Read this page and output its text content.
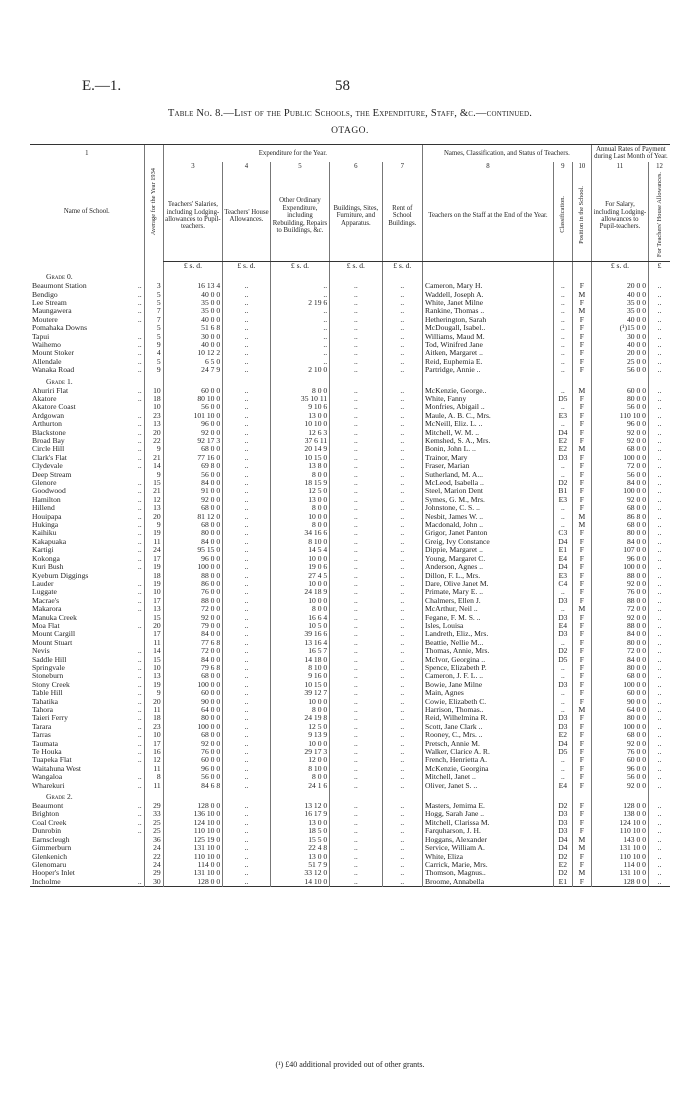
E.—1.	58
Table No. 8.—List of the Public Schools, the Expenditure, Staff, &c.—continued.
OTAGO.
1	Average for the Year 1934	Expenditure for the Year.					Names, Classification, and Status of Teachers.			Annual Rates of Payment during Last Month of Year.	
Name of School.		3	4	5	6	7	8	9	10	11	12
		Teachers' Salaries, including Lodging-allowances to Pupil-teachers.	Teachers' House Allowances.	Other Ordinary Expenditure, including Rebuilding, Repairs to Buildings, &c.	Buildings, Sites, Furniture, and Apparatus.	Rent of School Buildings.	Teachers on the Staff at the End of the Year.	Classification.	Position in the School.	For Salary, including Lodging-allowances to Pupil-teachers.	For Teachers' House Allowances.
		£ s. d.	£ s. d.	£ s. d.	£ s. d.	£ s. d.				£ s. d.	£
Grade 0.											
Beaumont Station ..	3	16 13 4	..	..	..	..	Cameron, Mary H.	..	F	20 0 0	..
Bendigo ..	5	40 0 0	..	..	..	..	Waddell, Joseph A.	..	M	40 0 0	..
Lee Stream ..	5	35 0 0	..	2 19 6	..	..	White, Janet Milne	..	F	35 0 0	..
Maungawera ..	7	35 0 0	..	..	..	..	Rankine, Thomas ..	..	M	35 0 0	..
Moutere ..	7	40 0 0	..	..	..	..	Hetherington, Sarah	..	F	40 0 0	..
Pomahaka Downs	5	51 6 8	..	..	..	..	McDougall, Isabel..	..	F	(¹)15 0 0	..
Tapui ..	5	30 0 0	..	..	..	..	Williams, Maud M.	..	F	30 0 0	..
Waihemo ..	9	40 0 0	..	..	..	..	Tod, Winifred Jane	..	F	40 0 0	..
Mount Stoker ..	4	10 12 2	..	..	..	..	Aitken, Margaret ..	..	F	20 0 0	..
Allendale ..	5	6 5 0	..	..	..	..	Reid, Euphemia E.	..	F	25 0 0	..
Wanaka Road ..	9	24 7 9	..	2 10 0	..	..	Partridge, Annie ..	..	F	56 0 0	..
Grade 1.											
Ahuriri Flat ..	10	60 0 0	..	8 0 0	..	..	McKenzie, George..	..	M	60 0 0	..
Akatore ..	18	80 10 0	..	35 10 11	..	..	White, Fanny	D5	F	80 0 0	..
Akatore Coast	10	56 0 0	..	9 10 6	..	..	Monfries, Abigail ..	..	F	56 0 0	..
Ardgowan ..	23	101 10 0	..	13 0 0	..	..	Maule, A. B. C., Mrs.	E3	F	110 10 0	..
Arthurton ..	13	96 0 0	..	10 10 0	..	..	McNeill, Eliz. L. ..	..	F	96 0 0	..
Blackstone ..	20	92 0 0	..	12 6 3	..	..	Mitchell, W. M. ..	D4	F	92 0 0	..
Broad Bay ..	22	92 17 3	..	37 6 11	..	..	Kemshed, S. A., Mrs.	E2	F	92 0 0	..
Circle Hill ..	9	68 0 0	..	20 14 9	..	..	Bonin, John L. ..	E2	M	68 0 0	..
Clark's Flat ..	21	77 16 0	..	10 15 0	..	..	Trainor, Mary	D3	F	100 0 0	..
Clydevale ..	14	69 8 0	..	13 8 0	..	..	Fraser, Marian	..	F	72 0 0	..
Deep Stream	9	56 0 0	..	8 0 0	..	..	Sutherland, M. A...	..	F	56 0 0	..
Glenore ..	15	84 0 0	..	18 15 9	..	..	McLeod, Isabella ..	D2	F	84 0 0	..
Goodwood ..	21	91 0 0	..	12 5 0	..	..	Steel, Marion Dent	B1	F	100 0 0	..
Hamilton ..	12	92 0 0	..	13 0 0	..	..	Symes, G. M., Mrs.	E3	F	92 0 0	..
Hillend ..	13	68 0 0	..	8 0 0	..	..	Johnstone, C. S. ..	..	F	68 0 0	..
Houipapa ..	20	81 12 0	..	10 0 0	..	..	Nesbit, James W. ..	..	M	86 8 0	..
Hukinga ..	9	68 0 0	..	8 0 0	..	..	Macdonald, John ..	..	M	68 0 0	..
Kaihiku ..	19	80 0 0	..	34 16 6	..	..	Grigor, Janet Panton	C3	F	80 0 0	..
Kakapuaka ..	11	84 0 0	..	8 10 0	..	..	Greig, Ivy Constance	D4	F	84 0 0	..
Kartigi ..	24	95 15 0	..	14 5 4	..	..	Dippie, Margaret ..	E1	F	107 0 0	..
Kokonga ..	17	96 0 0	..	10 0 0	..	..	Young, Margaret C.	E4	F	96 0 0	..
Kuri Bush ..	19	100 0 0	..	19 0 6	..	..	Anderson, Agnes ..	D4	F	100 0 0	..
Kyeburn Diggings	18	88 0 0	..	27 4 5	..	..	Dillon, F. L., Mrs.	E3	F	88 0 0	..
Lauder ..	19	86 0 0	..	10 0 0	..	..	Dare, Olive Janet M.	C4	F	92 0 0	..
Luggate ..	10	76 0 0	..	24 18 9	..	..	Primate, Mary E. ..	..	F	76 0 0	..
Macrae's ..	17	88 0 0	..	10 0 0	..	..	Chalmers, Ellen J.	D3	F	88 0 0	..
Makarora ..	13	72 0 0	..	8 0 0	..	..	McArthur, Neil ..	..	M	72 0 0	..
Manuka Creek	15	92 0 0	..	16 6 4	..	..	Fegane, F. M. S. ..	D3	F	92 0 0	..
Moa Flat ..	20	79 0 0	..	10 5 0	..	..	Isles, Louisa	E4	F	88 0 0	..
Mount Cargill	17	84 0 0	..	39 16 6	..	..	Landreth, Eliz., Mrs.	D3	F	84 0 0	..
Mount Stuart	11	77 6 8	..	13 16 4	..	..	Beattie, Nellie M...	..	F	80 0 0	..
Nevis ..	14	72 0 0	..	16 5 7	..	..	Thomas, Annie, Mrs.	D2	F	72 0 0	..
Saddle Hill ..	15	84 0 0	..	14 18 0	..	..	McIvor, Georgina ..	D5	F	84 0 0	..
Springvale ..	10	79 6 8	..	8 10 0	..	..	Spence, Elizabeth P.	..	F	80 0 0	..
Stoneburn ..	13	68 0 0	..	9 16 0	..	..	Cameron, J. F. L. ..	..	F	68 0 0	..
Stony Creek ..	19	100 0 0	..	10 15 0	..	..	Bowie, Jane Milne	D3	F	100 0 0	..
Table Hill ..	9	60 0 0	..	39 12 7	..	..	Main, Agnes	..	F	60 0 0	..
Tahatika ..	20	90 0 0	..	10 0 0	..	..	Cowie, Elizabeth C.	..	F	90 0 0	..
Tahora ..	11	64 0 0	..	8 0 0	..	..	Harrison, Thomas..	..	M	64 0 0	..
Taieri Ferry ..	18	80 0 0	..	24 19 8	..	..	Reid, Wilhelmina R.	D3	F	80 0 0	..
Tarara ..	23	100 0 0	..	12 5 0	..	..	Scott, Jane Clark ..	D3	F	100 0 0	..
Tarras ..	10	68 0 0	..	9 13 9	..	..	Rooney, C., Mrs. ..	E2	F	68 0 0	..
Taumata ..	17	92 0 0	..	10 0 0	..	..	Pretsch, Annie M.	D4	F	92 0 0	..
Te Houka ..	16	76 0 0	..	29 17 3	..	..	Walker, Clarice A. R.	D5	F	76 0 0	..
Tuapeka Flat ..	12	60 0 0	..	12 0 0	..	..	French, Henrietta A.	..	F	60 0 0	..
Waitahuna West	11	96 0 0	..	8 10 0	..	..	McKenzie, Georgina	..	F	96 0 0	..
Wangaloa ..	8	56 0 0	..	8 0 0	..	..	Mitchell, Janet ..	..	F	56 0 0	..
Wharekuri ..	11	84 6 8	..	24 1 6	..	..	Oliver, Janet S. ..	E4	F	92 0 0	..
Grade 2.											
Beaumont ..	29	128 0 0	..	13 12 0	..	..	Masters, Jemima E.	D2	F	128 0 0	..
Brighton ..	33	136 10 0	..	16 17 9	..	..	Hogg, Sarah Jane ..	D3	F	138 0 0	..
Coal Creek ..	25	124 10 0	..	13 0 0	..	..	Mitchell, Clarissa M.	D3	F	124 10 0	..
Dunrobin ..	25	110 10 0	..	18 5 0	..	..	Farquharson, J. H.	D3	F	110 10 0	..
Earnscleugh	36	125 19 0	..	15 5 0	..	..	Hoggans, Alexander	D4	M	143 0 0	..
Gimmerburn	24	131 10 0	..	22 4 8	..	..	Service, William A.	D4	M	131 10 0	..
Glenkenich	22	110 10 0	..	13 0 0	..	..	White, Eliza	D2	F	110 10 0	..
Glenomaru	24	114 0 0	..	51 7 9	..	..	Carrick, Marie, Mrs.	E2	F	114 0 0	..
Hooper's Inlet	29	131 10 0	..	33 12 0	..	..	Thomson, Magnus..	D2	M	131 10 0	..
Incholme ..	30	128 0 0	..	14 10 0	..	..	Broome, Annabella	E1	F	128 0 0	..
(¹) £40 additional provided out of other grants.
